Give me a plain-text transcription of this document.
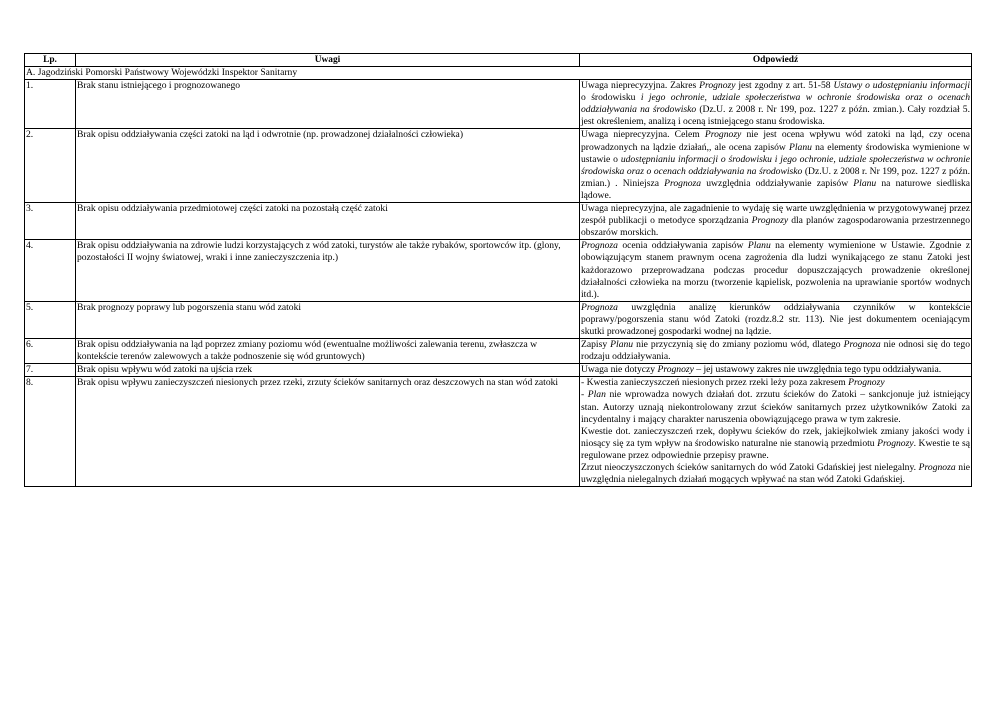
Lp.	Uwagi	Odpowiedź
A. Jagodziński Pomorski Państwowy Wojewódzki Inspektor Sanitarny		
1.	Brak stanu istniejącego i prognozowanego	Uwaga nieprecyzyjna. Zakres Prognozy jest zgodny z art. 51-58 Ustawy o udostępnianiu informacji o środowisku i jego ochronie, udziale społeczeństwa w ochronie środowiska oraz o ocenach oddziaływania na środowisko (Dz.U. z 2008 r. Nr 199, poz. 1227 z późn. zmian.). Cały rozdział 5. jest określeniem, analizą i oceną istniejącego stanu środowiska.
2.	Brak opisu oddziaływania części zatoki na ląd i odwrotnie (np. prowadzonej działalności człowieka)	Uwaga nieprecyzyjna. Celem Prognozy nie jest ocena wpływu wód zatoki na ląd, czy ocena prowadzonych na lądzie działań,, ale ocena zapisów Planu na elementy środowiska wymienione w ustawie o udostępnianiu informacji o środowisku i jego ochronie, udziale społeczeństwa w ochronie środowiska oraz o ocenach oddziaływania na środowisko (Dz.U. z 2008 r. Nr 199, poz. 1227 z późn. zmian.) . Niniejsza Prognoza uwzględnia oddziaływanie zapisów Planu na naturowe siedliska lądowe.
3.	Brak opisu oddziaływania przedmiotowej części zatoki na pozostałą część zatoki	Uwaga nieprecyzyjna, ale zagadnienie to wydaję się warte uwzględnienia w przygotowywanej przez zespół publikacji o metodyce sporządzania Prognozy dla planów zagospodarowania przestrzennego obszarów morskich.
4.	Brak opisu oddziaływania na zdrowie ludzi korzystających z wód zatoki, turystów ale także rybaków, sportowców itp. (glony, pozostałości II wojny światowej, wraki i inne zanieczyszczenia itp.)	Prognoza ocenia oddziaływania zapisów Planu na elementy wymienione w Ustawie. Zgodnie z obowiązującym stanem prawnym ocena zagrożenia dla ludzi wynikającego ze stanu Zatoki jest każdorazowo przeprowadzana podczas procedur dopuszczających prowadzenie określonej działalności człowieka na morzu (tworzenie kąpielisk, pozwolenia na uprawianie sportów wodnych itd.).
5.	Brak prognozy poprawy lub pogorszenia stanu wód zatoki	Prognoza uwzględnia analizę kierunków oddziaływania czynników w kontekście poprawy/pogorszenia stanu wód Zatoki (rozdz.8.2 str. 113). Nie jest dokumentem oceniającym skutki prowadzonej gospodarki wodnej na lądzie.
6.	Brak opisu oddziaływania na ląd poprzez zmiany poziomu wód (ewentualne możliwości zalewania terenu, zwłaszcza w kontekście terenów zalewowych a także podnoszenie się wód gruntowych)	Zapisy Planu nie przyczynią się do zmiany poziomu wód, dlatego Prognoza nie odnosi się do tego rodzaju oddziaływania.
7.	Brak opisu wpływu wód zatoki na ujścia rzek	Uwaga nie dotyczy Prognozy – jej ustawowy zakres nie uwzględnia tego typu oddziaływania.
8.	Brak opisu wpływu zanieczyszczeń niesionych przez rzeki, zrzuty ścieków sanitarnych oraz deszczowych na stan wód zatoki	- Kwestia zanieczyszczeń niesionych przez rzeki leży poza zakresem Prognozy
- Plan nie wprowadza nowych działań dot. zrzutu ścieków do Zatoki – sankcjonuje już istniejący stan. Autorzy uznają niekontrolowany zrzut ścieków sanitarnych przez użytkowników Zatoki za incydentalny i mający charakter naruszenia obowiązującego prawa w tym zakresie.
Kwestie dot. zanieczyszczeń rzek, dopływu ścieków do rzek, jakiejkolwiek zmiany jakości wody i niosący się za tym wpływ na środowisko naturalne nie stanowią przedmiotu Prognozy. Kwestie te są regulowane przez odpowiednie przepisy prawne.
Zrzut nieoczyszczonych ścieków sanitarnych do wód Zatoki Gdańskiej jest nielegalny. Prognoza nie uwzględnia nielegalnych działań mogących wpływać na stan wód Zatoki Gdańskiej.
